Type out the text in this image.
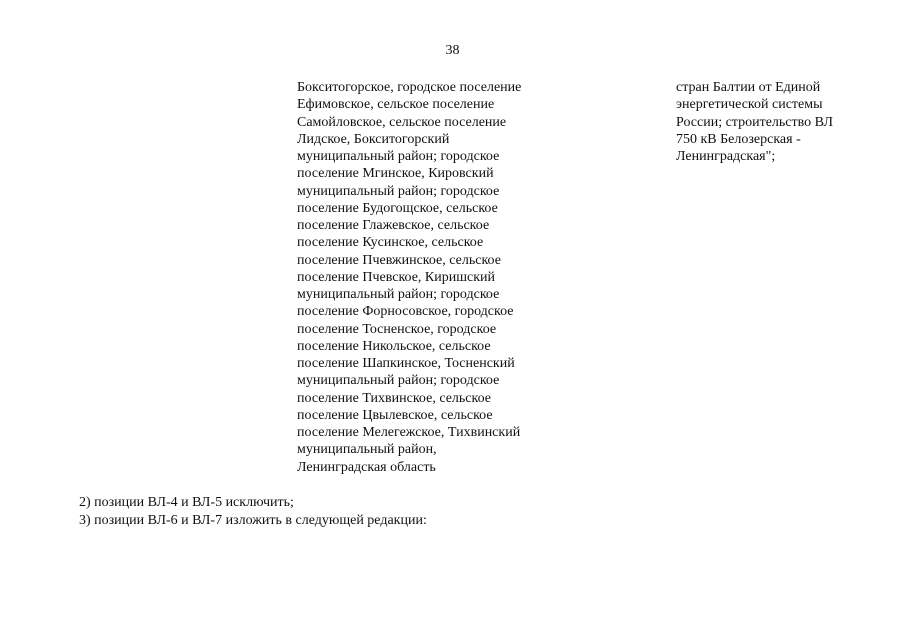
38
Бокситогорское, городское поселение
Ефимовское, сельское поселение
Самойловское, сельское поселение
Лидское, Бокситогорский
муниципальный район; городское
поселение Мгинское, Кировский
муниципальный район; городское
поселение Будогощское, сельское
поселение Глажевское, сельское
поселение Кусинское, сельское
поселение Пчевжинское, сельское
поселение Пчевское, Киришский
муниципальный район; городское
поселение Форносовское, городское
поселение Тосненское, городское
поселение Никольское, сельское
поселение Шапкинское, Тосненский
муниципальный район; городское
поселение Тихвинское, сельское
поселение Цвылевское, сельское
поселение Мелегежское, Тихвинский
муниципальный район,
Ленинградская область
стран Балтии от Единой
энергетической системы
России; строительство ВЛ
750 кВ Белозерская -
Ленинградская";
2) позиции ВЛ-4 и ВЛ-5 исключить;
3) позиции ВЛ-6 и ВЛ-7 изложить в следующей редакции:
